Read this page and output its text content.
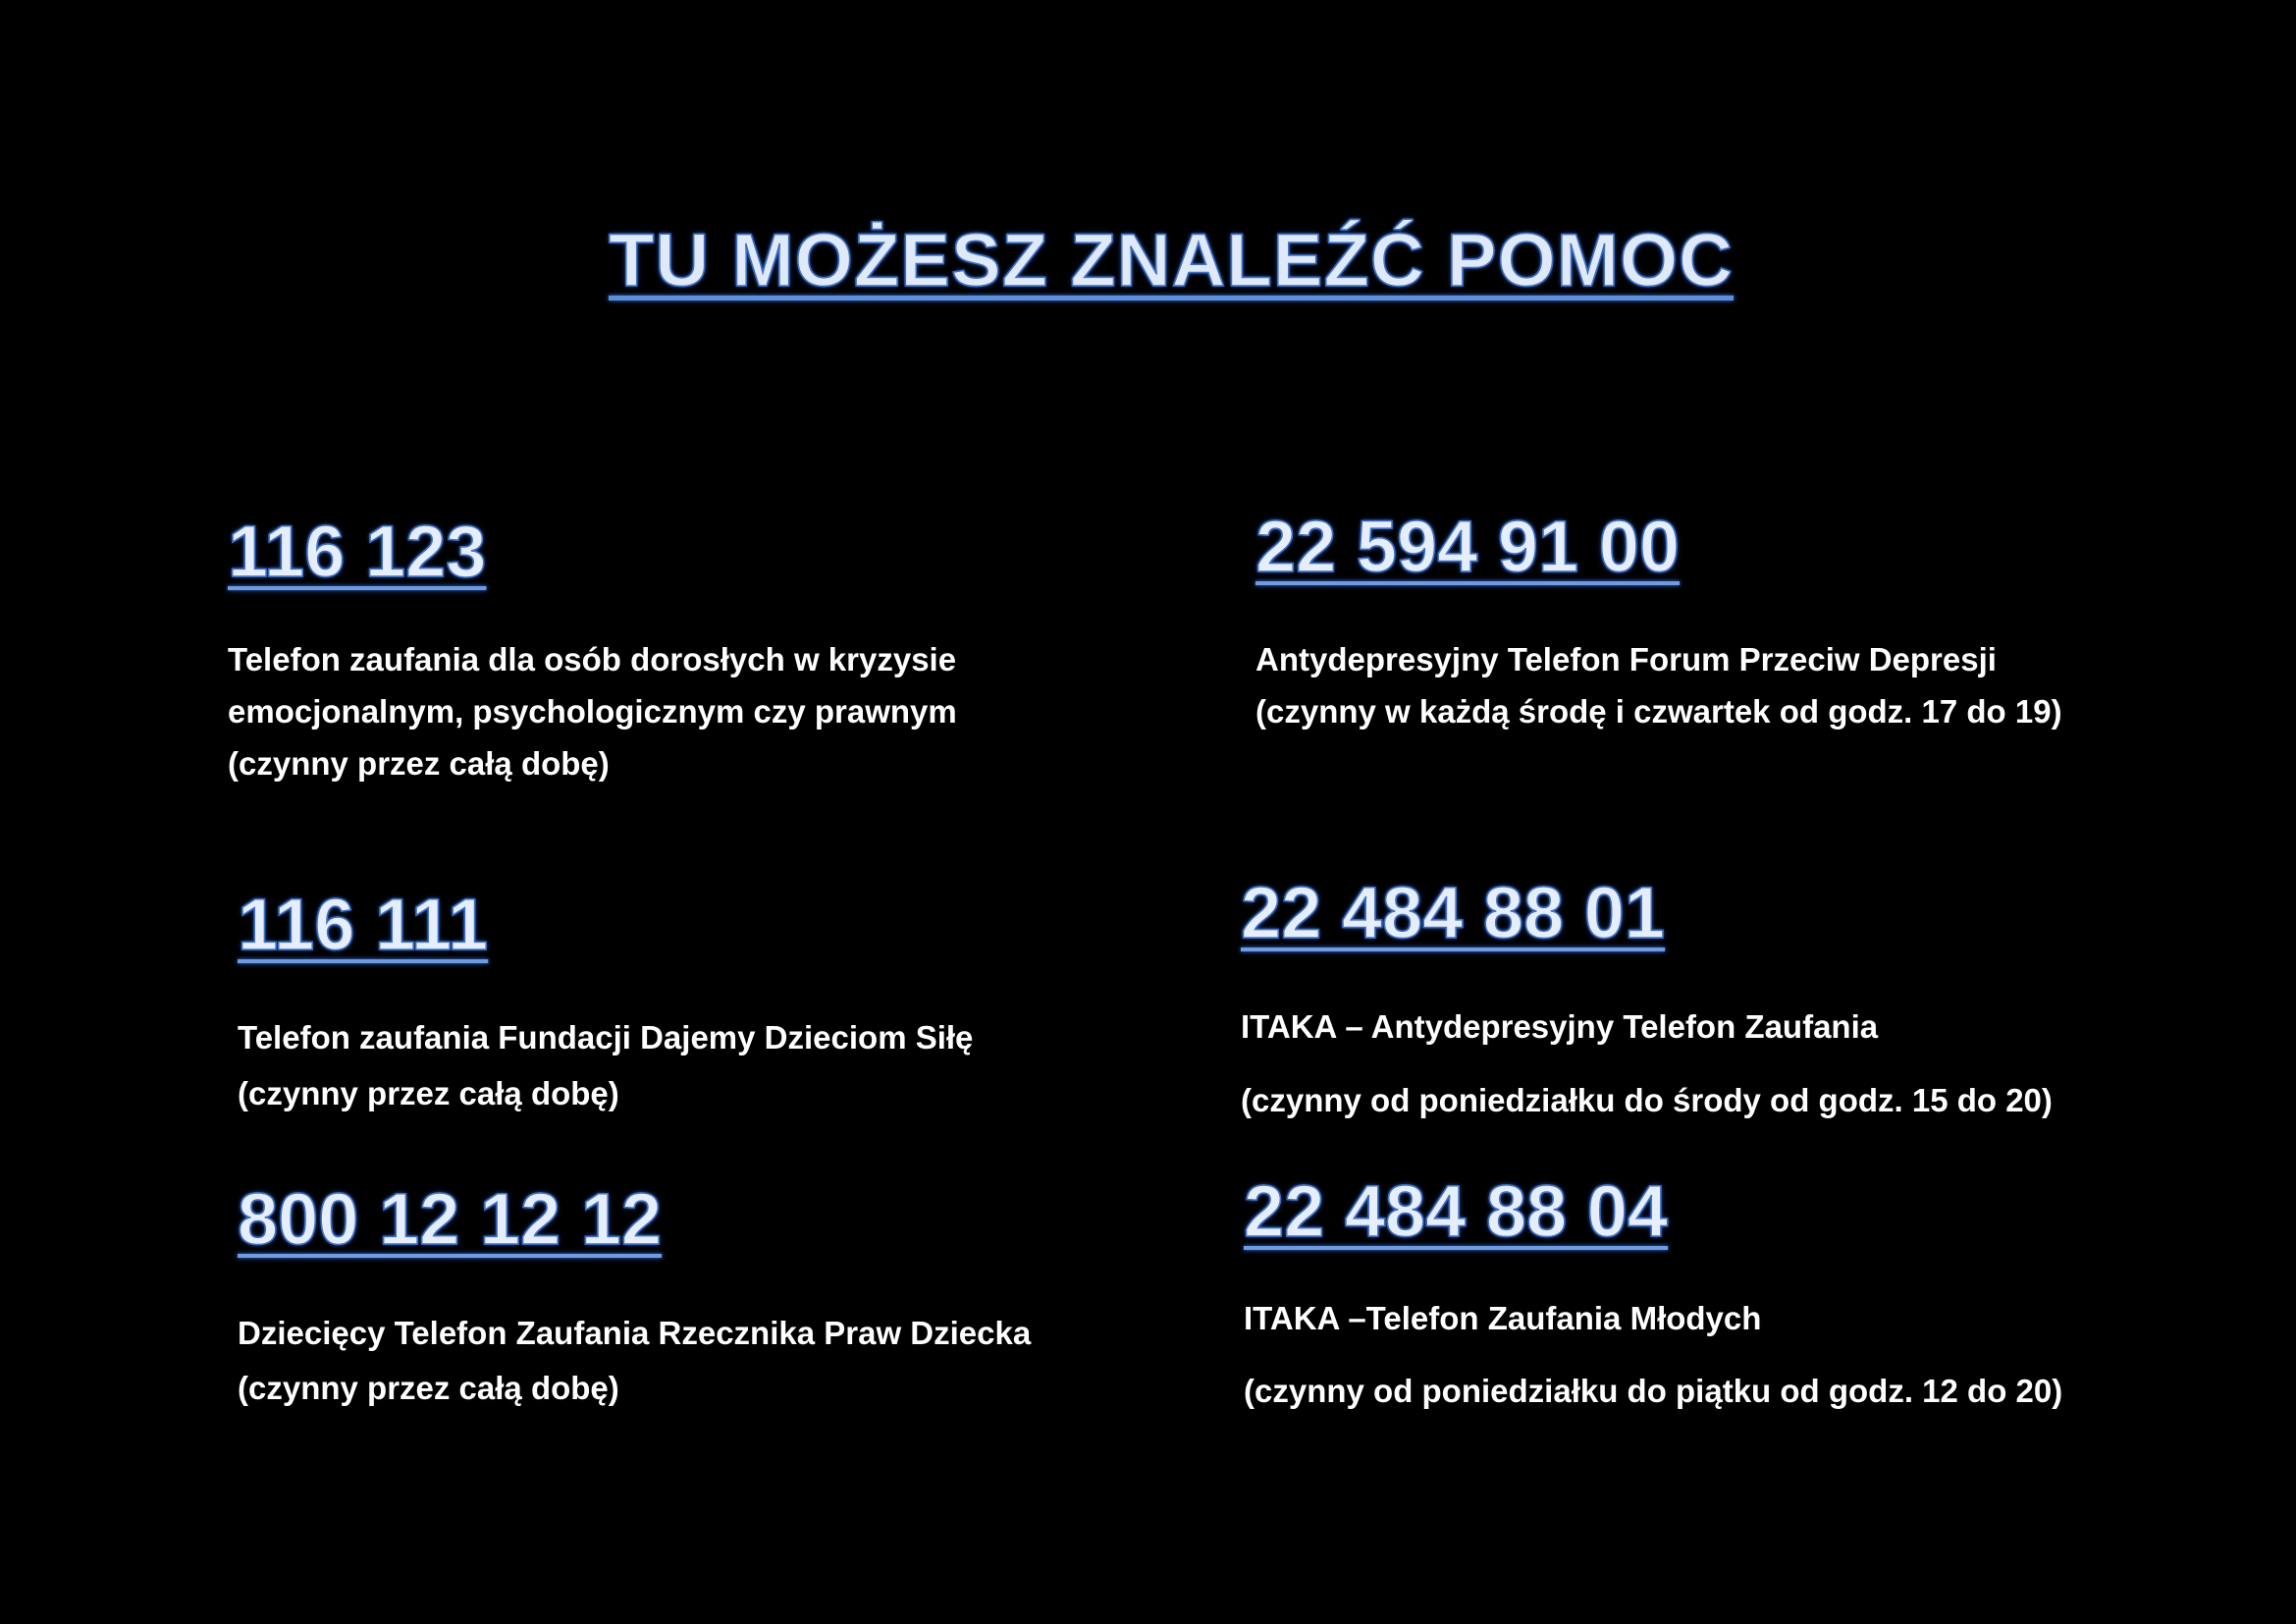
TU MOŻESZ ZNALEŹĆ POMOC
116 123
Telefon zaufania dla osób dorosłych w kryzysie
emocjonalnym, psychologicznym czy prawnym
(czynny przez całą dobę)
22 594 91 00
Antydepresyjny Telefon Forum Przeciw Depresji
(czynny w każdą środę i czwartek od godz. 17 do 19)
116 111
Telefon zaufania Fundacji Dajemy Dzieciom Siłę
(czynny przez całą dobę)
22 484 88 01
ITAKA – Antydepresyjny Telefon Zaufania
(czynny od poniedziałku do środy od godz. 15 do 20)
800 12 12 12
Dziecięcy Telefon Zaufania Rzecznika Praw Dziecka
(czynny przez całą dobę)
22 484 88 04
ITAKA –Telefon Zaufania Młodych
(czynny od poniedziałku do piątku od godz. 12 do 20)
